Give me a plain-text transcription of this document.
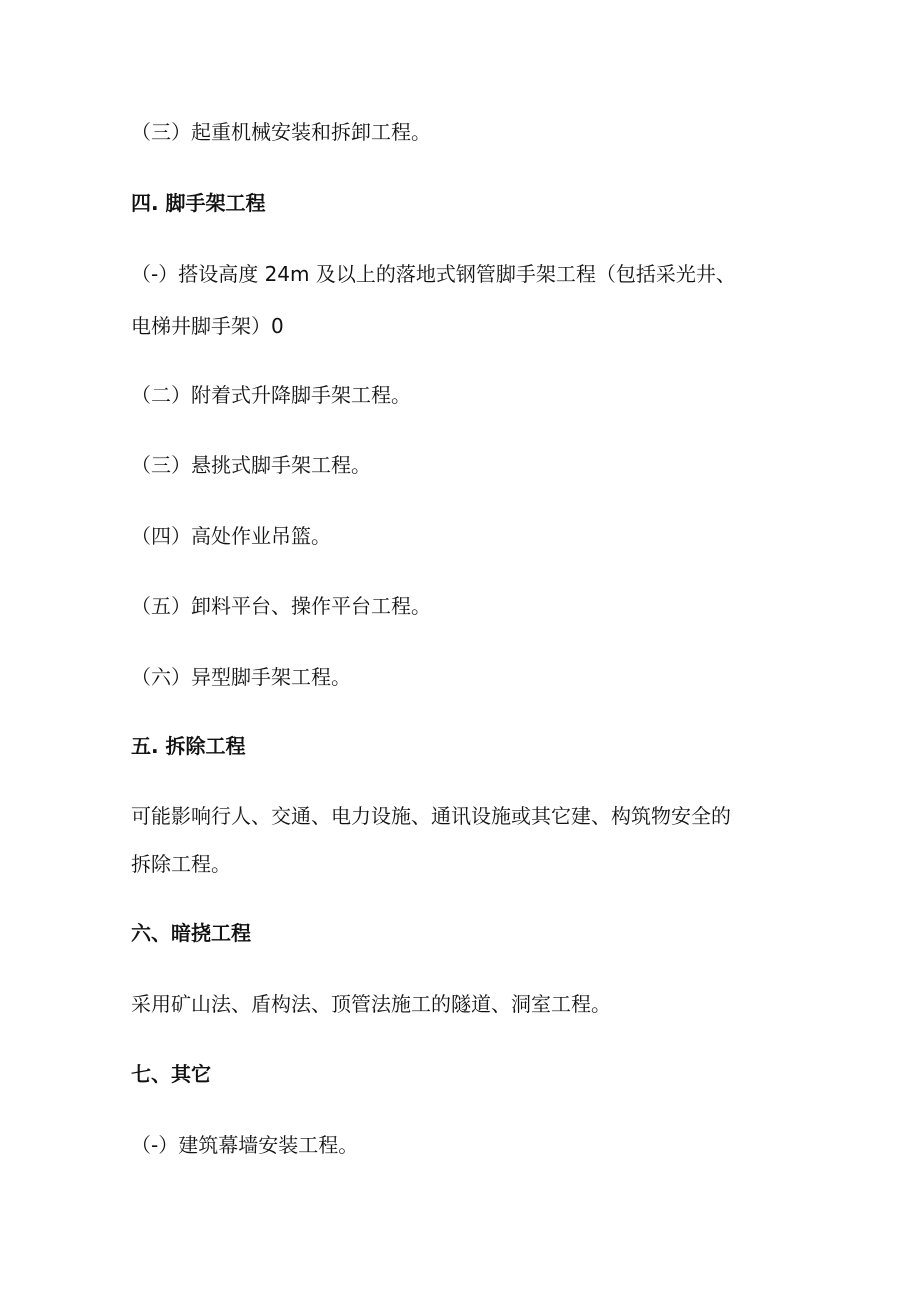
（三）起重机械安装和拆卸工程。
四. 脚手架工程
（-）搭设高度 24m 及以上的落地式钢管脚手架工程（包括采光井、
电梯井脚手架）0
（二）附着式升降脚手架工程。
（三）悬挑式脚手架工程。
（四）高处作业吊篮。
（五）卸料平台、操作平台工程。
（六）异型脚手架工程。
五. 拆除工程
可能影响行人、交通、电力设施、通讯设施或其它建、构筑物安全的
拆除工程。
六、暗挠工程
采用矿山法、盾构法、顶管法施工的隧道、洞室工程。
七、其它
（-）建筑幕墙安装工程。
